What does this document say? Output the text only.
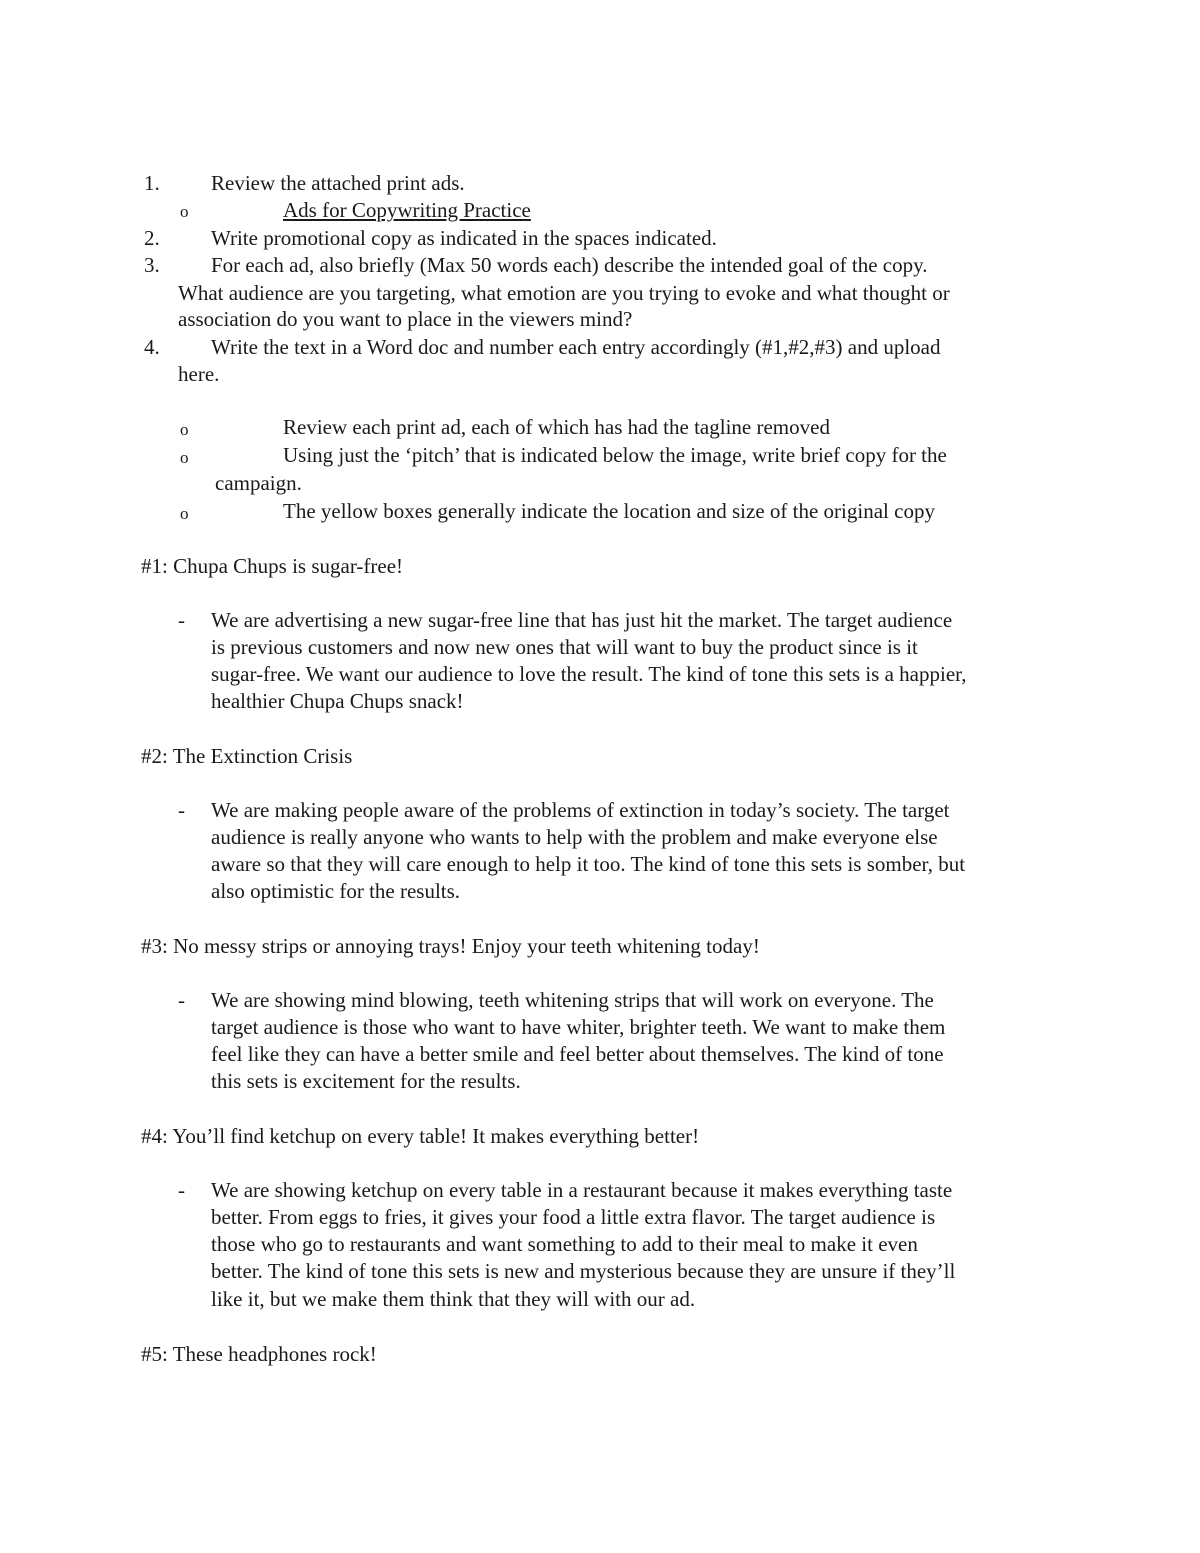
1. Review the attached print ads.
o	Ads for Copywriting Practice
2. Write promotional copy as indicated in the spaces indicated.
3. For each ad, also briefly (Max 50 words each) describe the intended goal of the copy.
What audience are you targeting, what emotion are you trying to evoke and what thought or
association do you want to place in the viewers mind?
4. Write the text in a Word doc and number each entry accordingly (#1,#2,#3) and upload
here.
o	Review each print ad, each of which has had the tagline removed
o	Using just the ‘pitch’ that is indicated below the image, write brief copy for the
campaign.
o	The yellow boxes generally indicate the location and size of the original copy
#1: Chupa Chups is sugar-free!
- We are advertising a new sugar-free line that has just hit the market. The target audience
is previous customers and now new ones that will want to buy the product since is it
sugar-free. We want our audience to love the result. The kind of tone this sets is a happier,
healthier Chupa Chups snack!
#2: The Extinction Crisis
- We are making people aware of the problems of extinction in today’s society. The target
audience is really anyone who wants to help with the problem and make everyone else
aware so that they will care enough to help it too. The kind of tone this sets is somber, but
also optimistic for the results.
#3: No messy strips or annoying trays! Enjoy your teeth whitening today!
- We are showing mind blowing, teeth whitening strips that will work on everyone. The
target audience is those who want to have whiter, brighter teeth. We want to make them
feel like they can have a better smile and feel better about themselves. The kind of tone
this sets is excitement for the results.
#4: You’ll find ketchup on every table! It makes everything better!
- We are showing ketchup on every table in a restaurant because it makes everything taste
better. From eggs to fries, it gives your food a little extra flavor. The target audience is
those who go to restaurants and want something to add to their meal to make it even
better. The kind of tone this sets is new and mysterious because they are unsure if they’ll
like it, but we make them think that they will with our ad.
#5: These headphones rock!
